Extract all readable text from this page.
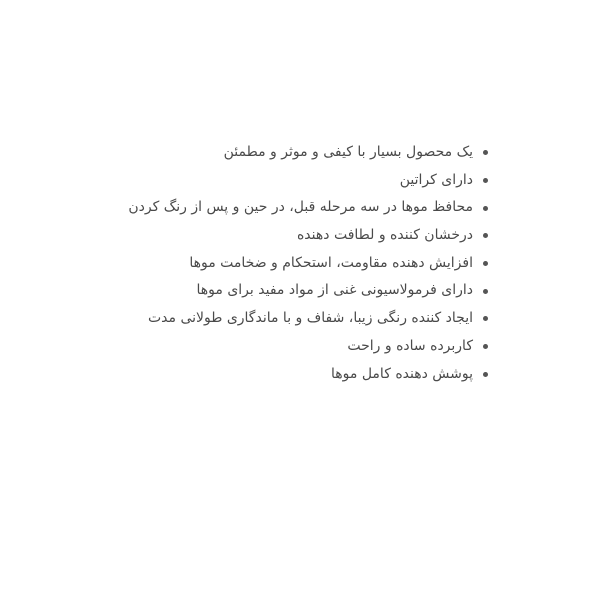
یک محصول بسیار با کیفی و موثر و مطمئن
دارای کراتین
محافظ موها در سه مرحله قبل، در حین و پس از رنگ کردن
درخشان کننده و لطافت دهنده
افزایش دهنده مقاومت، استحکام و ضخامت موها
دارای فرمولاسیونی غنی از مواد مفید برای موها
ایجاد کننده رنگی زیبا، شفاف و با ماندگاری طولانی مدت
کاربرده ساده و راحت
پوشش دهنده کامل موها
